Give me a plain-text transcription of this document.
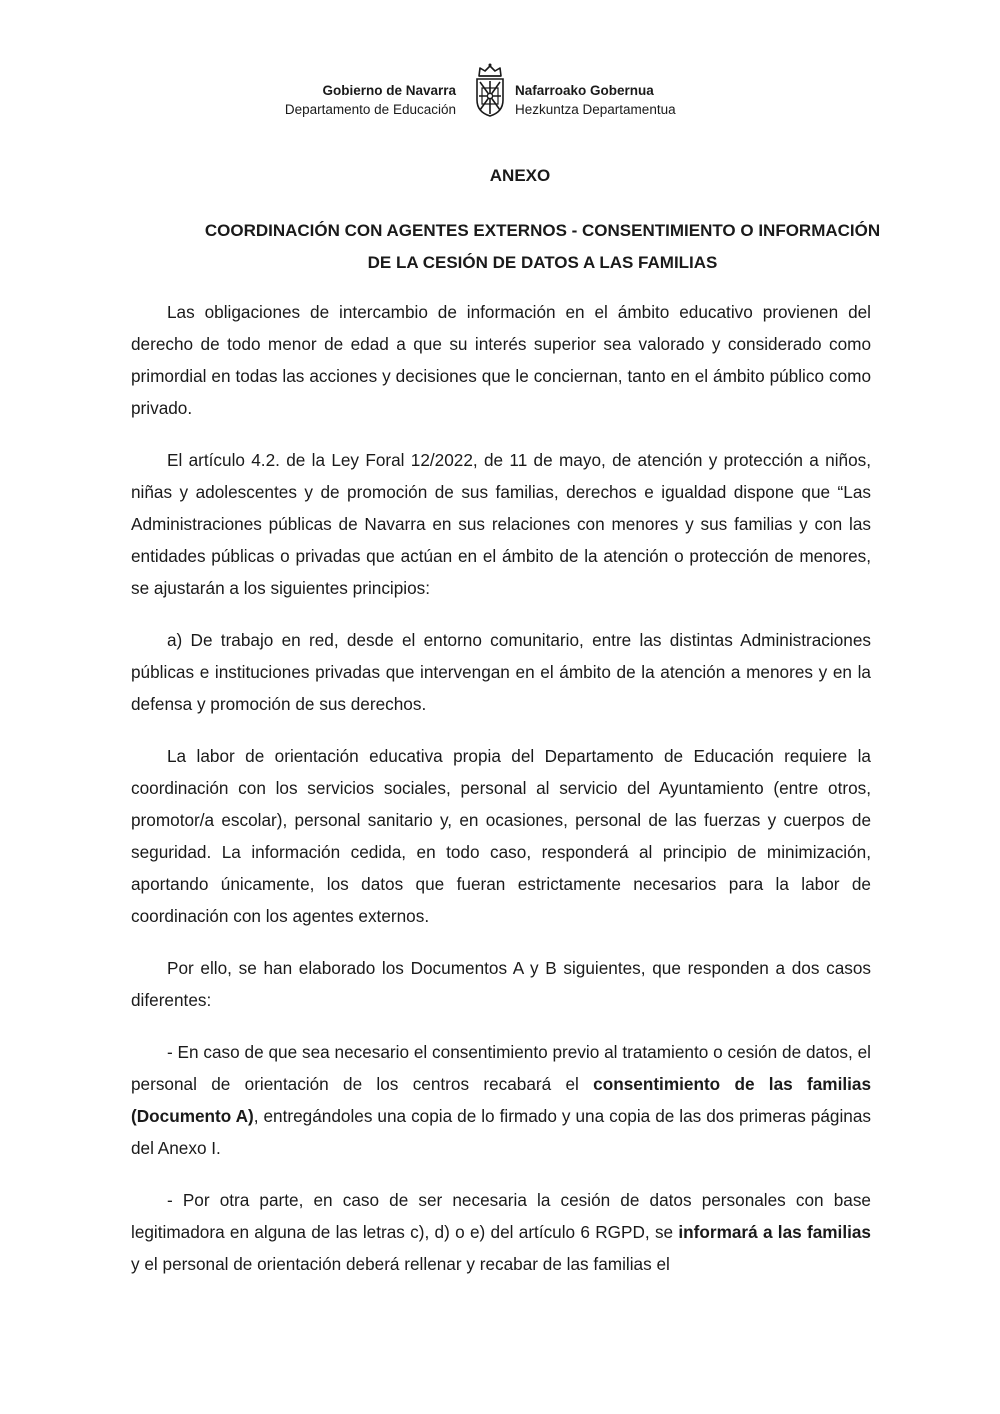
Gobierno de Navarra
Departamento de Educación
Nafarroako Gobernua
Hezkuntza Departamentua
ANEXO
COORDINACIÓN CON AGENTES EXTERNOS - CONSENTIMIENTO O INFORMACIÓN
DE LA CESIÓN DE DATOS A LAS FAMILIAS

Las obligaciones de intercambio de información en el ámbito educativo provienen del derecho de todo menor de edad a que su interés superior sea valorado y considerado como primordial en todas las acciones y decisiones que le conciernan, tanto en el ámbito público como privado.

El artículo 4.2. de la Ley Foral 12/2022, de 11 de mayo, de atención y protección a niños, niñas y adolescentes y de promoción de sus familias, derechos e igualdad dispone que “Las Administraciones públicas de Navarra en sus relaciones con menores y sus familias y con las entidades públicas o privadas que actúan en el ámbito de la atención o protección de menores, se ajustarán a los siguientes principios:

a) De trabajo en red, desde el entorno comunitario, entre las distintas Administraciones públicas e instituciones privadas que intervengan en el ámbito de la atención a menores y en la defensa y promoción de sus derechos.

La labor de orientación educativa propia del Departamento de Educación requiere la coordinación con los servicios sociales, personal al servicio del Ayuntamiento (entre otros, promotor/a escolar), personal sanitario y, en ocasiones, personal de las fuerzas y cuerpos de seguridad. La información cedida, en todo caso, responderá al principio de minimización, aportando únicamente, los datos que fueran estrictamente necesarios para la labor de coordinación con los agentes externos.

Por ello, se han elaborado los Documentos A y B siguientes, que responden a dos casos diferentes:

- En caso de que sea necesario el consentimiento previo al tratamiento o cesión de datos, el personal de orientación de los centros recabará el consentimiento de las familias (Documento A), entregándoles una copia de lo firmado y una copia de las dos primeras páginas del Anexo I.

- Por otra parte, en caso de ser necesaria la cesión de datos personales con base legitimadora en alguna de las letras c), d) o e) del artículo 6 RGPD, se informará a las familias y el personal de orientación deberá rellenar y recabar de las familias el
